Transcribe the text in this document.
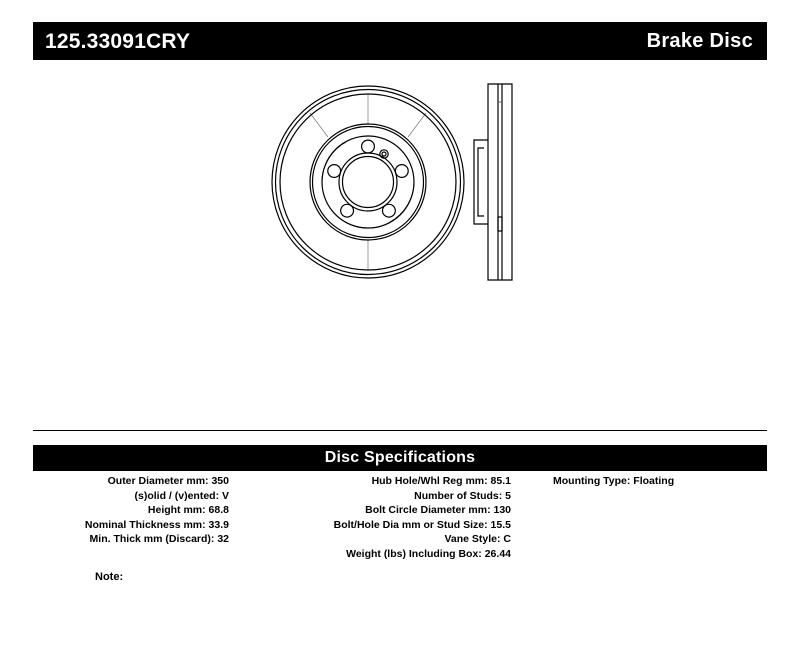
125.33091CRY	Brake Disc
Disc Specifications
Outer Diameter mm: 350
(s)olid / (v)ented: V
Height mm: 68.8
Nominal Thickness mm: 33.9
Min. Thick mm (Discard): 32
Hub Hole/Whl Reg mm: 85.1
Number of Studs: 5
Bolt Circle Diameter mm: 130
Bolt/Hole Dia mm or Stud Size: 15.5
Vane Style: C
Weight (lbs) Including Box: 26.44
Mounting Type: Floating
Note:
